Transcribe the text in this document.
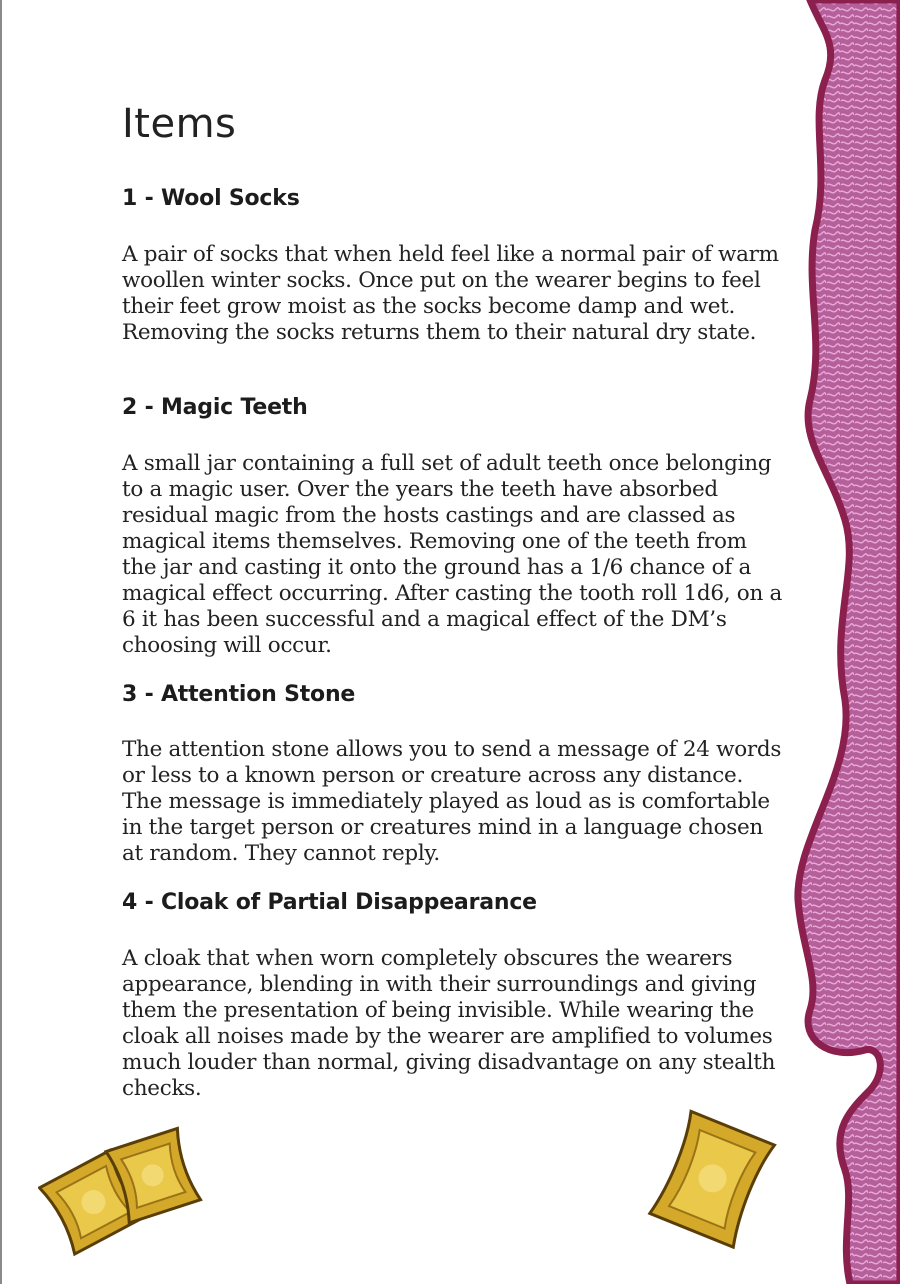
Items
1 - Wool Socks

A pair of socks that when held feel like a normal pair of warm woollen winter socks. Once put on the wearer begins to feel their feet grow moist as the socks become damp and wet. Removing the socks returns them to their natural dry state.

2 - Magic Teeth

A small jar containing a full set of adult teeth once belonging to a magic user. Over the years the teeth have absorbed residual magic from the hosts castings and are classed as magical items themselves. Removing one of the teeth from the jar and casting it onto the ground has a 1/6 chance of a magical effect occurring. After casting the tooth roll 1d6, on a 6 it has been successful and a magical effect of the DM’s choosing will occur.

3 - Attention Stone

The attention stone allows you to send a message of 24 words or less to a known person or creature across any distance. The message is immediately played as loud as is comfortable in the target person or creatures mind in a language chosen at random. They cannot reply.

4 - Cloak of Partial Disappearance

A cloak that when worn completely obscures the wearers appearance, blending in with their surroundings and giving them the presentation of being invisible. While wearing the cloak all noises made by the wearer are amplified to volumes much louder than normal, giving disadvantage on any stealth checks.
